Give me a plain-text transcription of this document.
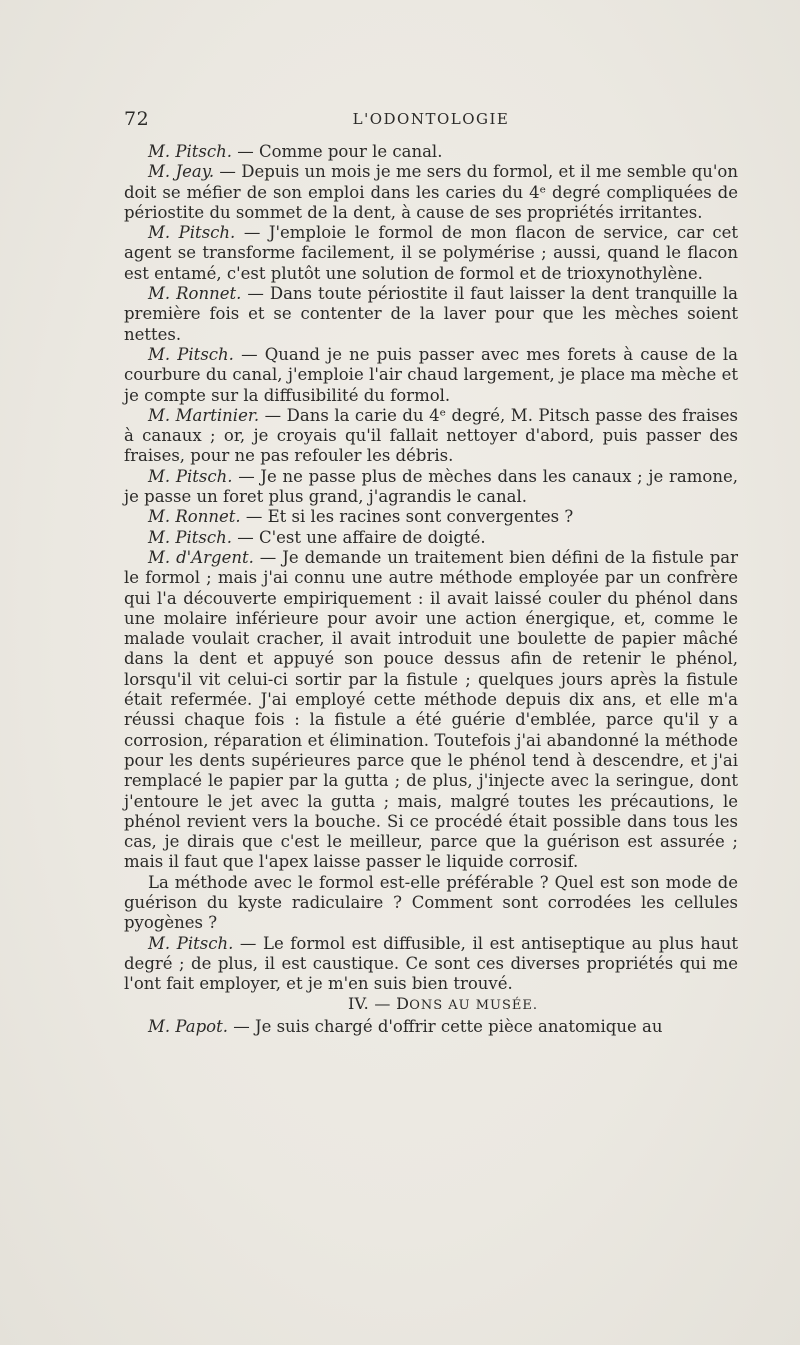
72	L'ODONTOLOGIE

M. Pitsch. — Comme pour le canal.

M. Jeay. — Depuis un mois je me sers du formol, et il me semble qu'on doit se méfier de son emploi dans les caries du 4ᵉ degré compliquées de périostite du sommet de la dent, à cause de ses propriétés irritantes.

M. Pitsch. — J'emploie le formol de mon flacon de service, car cet agent se transforme facilement, il se polymérise ; aussi, quand le flacon est entamé, c'est plutôt une solution de formol et de trioxynothylène.

M. Ronnet. — Dans toute périostite il faut laisser la dent tranquille la première fois et se contenter de la laver pour que les mèches soient nettes.

M. Pitsch. — Quand je ne puis passer avec mes forets à cause de la courbure du canal, j'emploie l'air chaud largement, je place ma mèche et je compte sur la diffusibilité du formol.

M. Martinier. — Dans la carie du 4ᵉ degré, M. Pitsch passe des fraises à canaux ; or, je croyais qu'il fallait nettoyer d'abord, puis passer des fraises, pour ne pas refouler les débris.

M. Pitsch. — Je ne passe plus de mèches dans les canaux ; je ramone, je passe un foret plus grand, j'agrandis le canal.

M. Ronnet. — Et si les racines sont convergentes ?

M. Pitsch. — C'est une affaire de doigté.

M. d'Argent. — Je demande un traitement bien défini de la fistule par le formol ; mais j'ai connu une autre méthode employée par un confrère qui l'a découverte empiriquement : il avait laissé couler du phénol dans une molaire inférieure pour avoir une action énergique, et, comme le malade voulait cracher, il avait introduit une boulette de papier mâché dans la dent et appuyé son pouce dessus afin de retenir le phénol, lorsqu'il vit celui-ci sortir par la fistule ; quelques jours après la fistule était refermée. J'ai employé cette méthode depuis dix ans, et elle m'a réussi chaque fois : la fistule a été guérie d'emblée, parce qu'il y a corrosion, réparation et élimination. Toutefois j'ai abandonné la méthode pour les dents supérieures parce que le phénol tend à descendre, et j'ai remplacé le papier par la gutta ; de plus, j'injecte avec la seringue, dont j'entoure le jet avec la gutta ; mais, malgré toutes les précautions, le phénol revient vers la bouche. Si ce procédé était possible dans tous les cas, je dirais que c'est le meilleur, parce que la guérison est assurée ; mais il faut que l'apex laisse passer le liquide corrosif.

La méthode avec le formol est-elle préférable ? Quel est son mode de guérison du kyste radiculaire ? Comment sont corrodées les cellules pyogènes ?

M. Pitsch. — Le formol est diffusible, il est antiseptique au plus haut degré ; de plus, il est caustique. Ce sont ces diverses propriétés qui me l'ont fait employer, et je m'en suis bien trouvé.

IV. — DONS AU MUSÉE.

M. Papot. — Je suis chargé d'offrir cette pièce anatomique au
